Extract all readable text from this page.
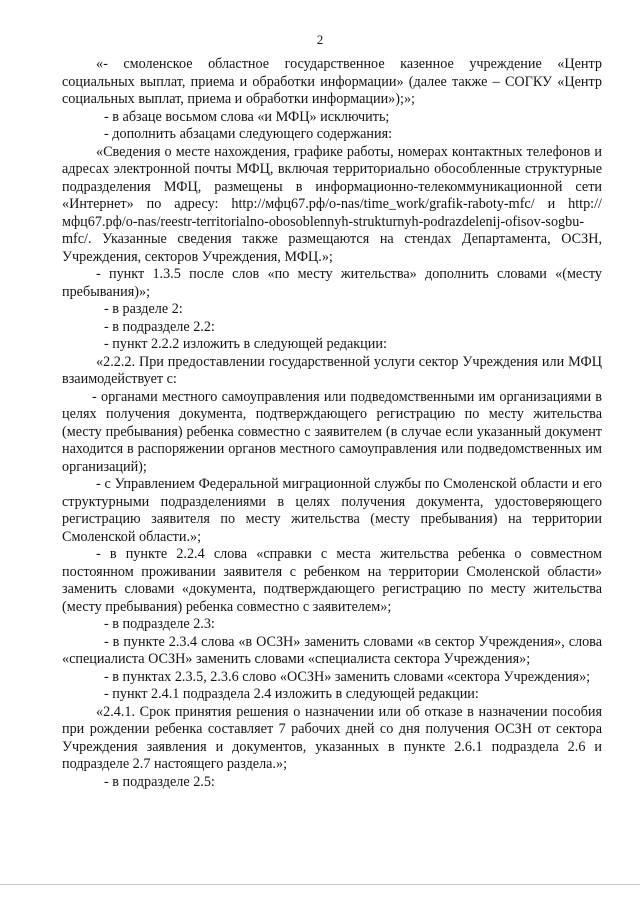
2

«- смоленское областное государственное казенное учреждение «Центр социальных выплат, приема и обработки информации» (далее также – СОГКУ «Центр социальных выплат, приема и обработки информации»);»;

- в абзаце восьмом слова «и МФЦ» исключить;

- дополнить абзацами следующего содержания:

«Сведения о месте нахождения, графике работы, номерах контактных телефонов и адресах электронной почты МФЦ, включая территориально обособленные структурные подразделения МФЦ, размещены в информационно-телекоммуникационной сети «Интернет» по адресу: http://мфц67.рф/o-nas/time_work/grafik-raboty-mfc/ и http://мфц67.рф/o-nas/reestr-territorialno-obosoblennyh-strukturnyh-podrazdelenij-ofisov-sogbu-mfc/. Указанные сведения также размещаются на стендах Департамента, ОСЗН, Учреждения, секторов Учреждения, МФЦ.»;

- пункт 1.3.5 после слов «по месту жительства» дополнить словами «(месту пребывания)»;

- в разделе 2:

- в подразделе 2.2:

- пункт 2.2.2 изложить в следующей редакции:

«2.2.2. При предоставлении государственной услуги сектор Учреждения или МФЦ взаимодействует с:

- органами местного самоуправления или подведомственными им организациями в целях получения документа, подтверждающего регистрацию по месту жительства (месту пребывания) ребенка совместно с заявителем (в случае если указанный документ находится в распоряжении органов местного самоуправления или подведомственных им организаций);

- с Управлением Федеральной миграционной службы по Смоленской области и его структурными подразделениями в целях получения документа, удостоверяющего регистрацию заявителя по месту жительства (месту пребывания) на территории Смоленской области.»;

- в пункте 2.2.4 слова «справки с места жительства ребенка о совместном постоянном проживании заявителя с ребенком на территории Смоленской области» заменить словами «документа, подтверждающего регистрацию по месту жительства (месту пребывания) ребенка совместно с заявителем»;

- в подразделе 2.3:

- в пункте 2.3.4 слова «в ОСЗН» заменить словами «в сектор Учреждения», слова «специалиста ОСЗН» заменить словами «специалиста сектора Учреждения»;

- в пунктах 2.3.5, 2.3.6 слово «ОСЗН» заменить словами «сектора Учреждения»;

- пункт 2.4.1 подраздела 2.4 изложить в следующей редакции:

«2.4.1. Срок принятия решения о назначении или об отказе в назначении пособия при рождении ребенка составляет 7 рабочих дней со дня получения ОСЗН от сектора Учреждения заявления и документов, указанных в пункте 2.6.1 подраздела 2.6 и подразделе 2.7 настоящего раздела.»;

- в подразделе 2.5:
